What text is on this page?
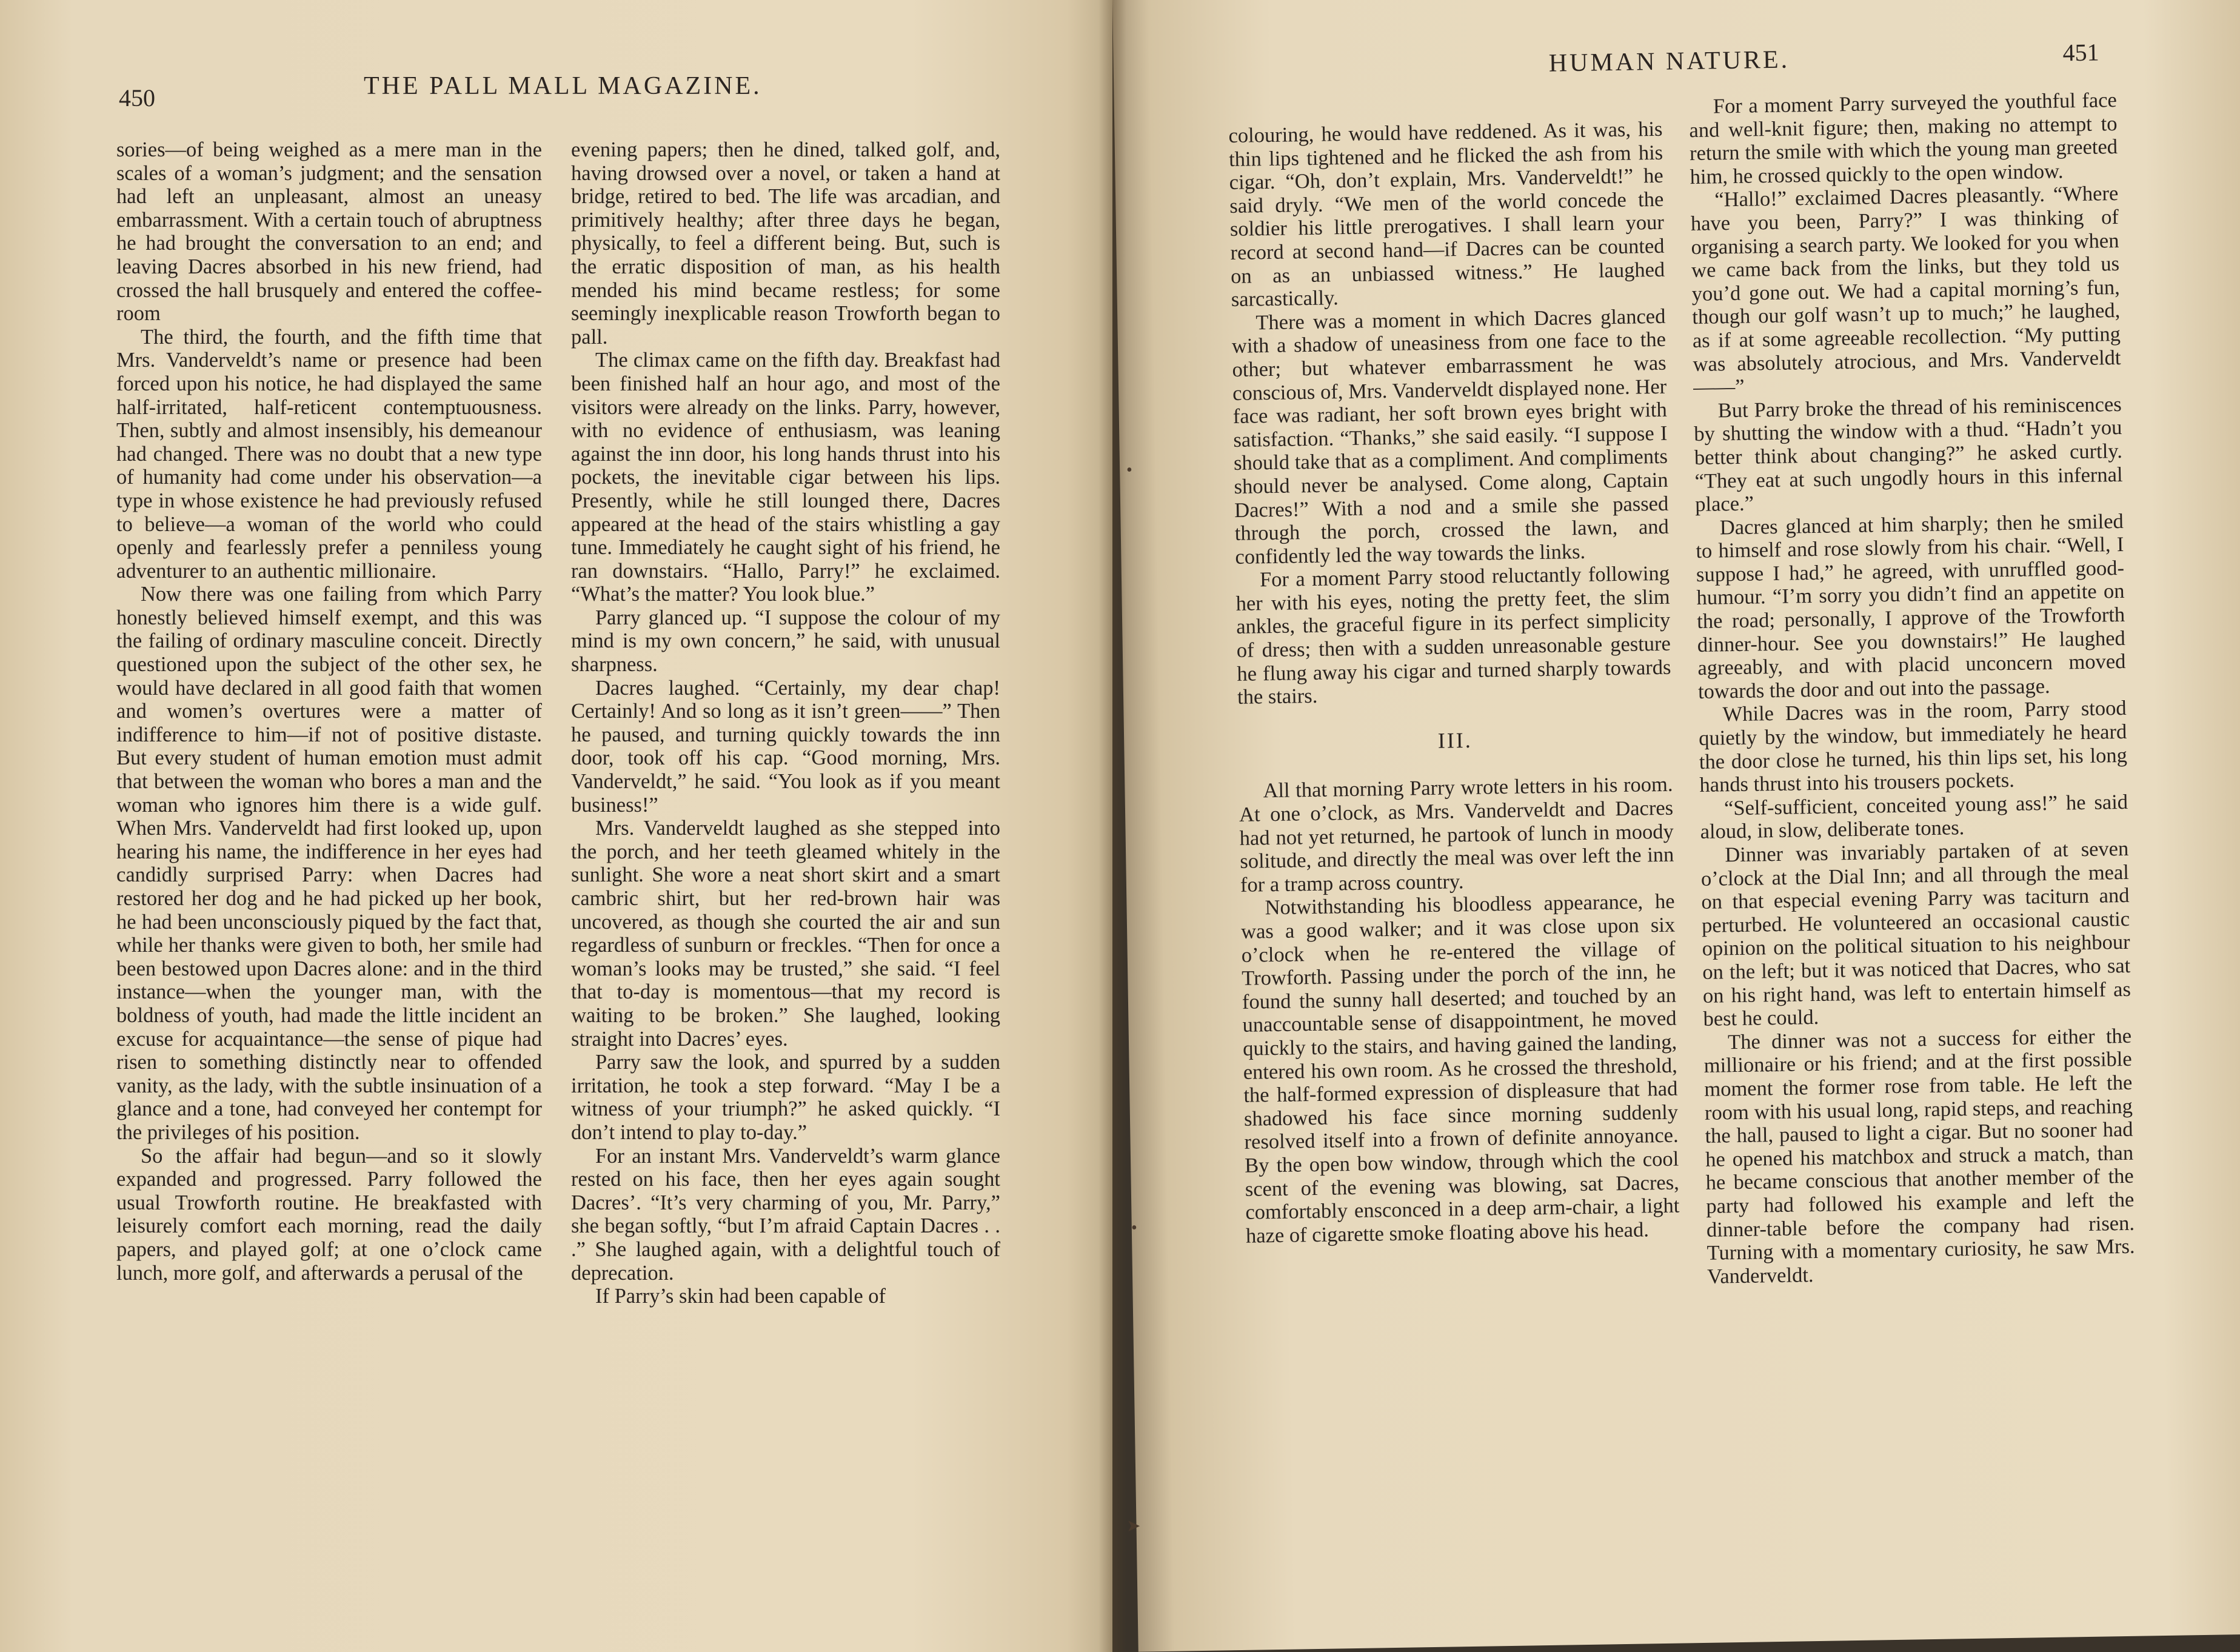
450	THE PALL MALL MAGAZINE.

sories—of being weighed as a mere man in the scales of a woman’s judgment; and the sensation had left an unpleasant, almost an uneasy embarrassment. With a certain touch of abruptness he had brought the conversation to an end; and leaving Dacres absorbed in his new friend, had crossed the hall brusquely and entered the coffee-room

The third, the fourth, and the fifth time that Mrs. Vanderveldt’s name or presence had been forced upon his notice, he had displayed the same half-irritated, half-reticent contemptuousness. Then, subtly and almost insensibly, his demeanour had changed. There was no doubt that a new type of humanity had come under his observation—a type in whose existence he had previously refused to believe—a woman of the world who could openly and fearlessly prefer a penniless young adventurer to an authentic millionaire.

Now there was one failing from which Parry honestly believed himself exempt, and this was the failing of ordinary masculine conceit. Directly questioned upon the subject of the other sex, he would have declared in all good faith that women and women’s overtures were a matter of indifference to him—if not of positive distaste. But every student of human emotion must admit that between the woman who bores a man and the woman who ignores him there is a wide gulf. When Mrs. Vanderveldt had first looked up, upon hearing his name, the indifference in her eyes had candidly surprised Parry: when Dacres had restored her dog and he had picked up her book, he had been unconsciously piqued by the fact that, while her thanks were given to both, her smile had been bestowed upon Dacres alone: and in the third instance—when the younger man, with the boldness of youth, had made the little incident an excuse for acquaintance—the sense of pique had risen to something distinctly near to offended vanity, as the lady, with the subtle insinuation of a glance and a tone, had conveyed her contempt for the privileges of his position.

So the affair had begun—and so it slowly expanded and progressed. Parry followed the usual Trowforth routine. He breakfasted with leisurely comfort each morning, read the daily papers, and played golf; at one o’clock came lunch, more golf, and afterwards a perusal of the

evening papers; then he dined, talked golf, and, having drowsed over a novel, or taken a hand at bridge, retired to bed. The life was arcadian, and primitively healthy; after three days he began, physically, to feel a different being. But, such is the erratic disposition of man, as his health mended his mind became restless; for some seemingly inexplicable reason Trowforth began to pall.

The climax came on the fifth day. Breakfast had been finished half an hour ago, and most of the visitors were already on the links. Parry, however, with no evidence of enthusiasm, was leaning against the inn door, his long hands thrust into his pockets, the inevitable cigar between his lips. Presently, while he still lounged there, Dacres appeared at the head of the stairs whistling a gay tune. Immediately he caught sight of his friend, he ran downstairs. “Hallo, Parry!” he exclaimed. “What’s the matter? You look blue.”

Parry glanced up. “I suppose the colour of my mind is my own concern,” he said, with unusual sharpness.

Dacres laughed. “Certainly, my dear chap! Certainly! And so long as it isn’t green——” Then he paused, and turning quickly towards the inn door, took off his cap. “Good morning, Mrs. Vanderveldt,” he said. “You look as if you meant business!”

Mrs. Vanderveldt laughed as she stepped into the porch, and her teeth gleamed whitely in the sunlight. She wore a neat short skirt and a smart cambric shirt, but her red-brown hair was uncovered, as though she courted the air and sun regardless of sunburn or freckles. “Then for once a woman’s looks may be trusted,” she said. “I feel that to-day is momentous—that my record is waiting to be broken.” She laughed, looking straight into Dacres’ eyes.

Parry saw the look, and spurred by a sudden irritation, he took a step forward. “May I be a witness of your triumph?” he asked quickly. “I don’t intend to play to-day.”

For an instant Mrs. Vanderveldt’s warm glance rested on his face, then her eyes again sought Dacres’. “It’s very charming of you, Mr. Parry,” she began softly, “but I’m afraid Captain Dacres . . .” She laughed again, with a delightful touch of deprecation.

If Parry’s skin had been capable of

HUMAN NATURE.	451

colouring, he would have reddened. As it was, his thin lips tightened and he flicked the ash from his cigar. “Oh, don’t explain, Mrs. Vanderveldt!” he said dryly. “We men of the world concede the soldier his little prerogatives. I shall learn your record at second hand—if Dacres can be counted on as an unbiassed witness.” He laughed sarcastically.

There was a moment in which Dacres glanced with a shadow of uneasiness from one face to the other; but whatever embarrassment he was conscious of, Mrs. Vanderveldt displayed none. Her face was radiant, her soft brown eyes bright with satisfaction. “Thanks,” she said easily. “I suppose I should take that as a compliment. And compliments should never be analysed. Come along, Captain Dacres!” With a nod and a smile she passed through the porch, crossed the lawn, and confidently led the way towards the links.

For a moment Parry stood reluctantly following her with his eyes, noting the pretty feet, the slim ankles, the graceful figure in its perfect simplicity of dress; then with a sudden unreasonable gesture he flung away his cigar and turned sharply towards the stairs.

III.

All that morning Parry wrote letters in his room. At one o’clock, as Mrs. Vanderveldt and Dacres had not yet returned, he partook of lunch in moody solitude, and directly the meal was over left the inn for a tramp across country.

Notwithstanding his bloodless appearance, he was a good walker; and it was close upon six o’clock when he re-entered the village of Trowforth. Passing under the porch of the inn, he found the sunny hall deserted; and touched by an unaccountable sense of disappointment, he moved quickly to the stairs, and having gained the landing, entered his own room. As he crossed the threshold, the half-formed expression of displeasure that had shadowed his face since morning suddenly resolved itself into a frown of definite annoyance. By the open bow window, through which the cool scent of the evening was blowing, sat Dacres, comfortably ensconced in a deep arm-chair, a light haze of cigarette smoke floating above his head.

For a moment Parry surveyed the youthful face and well-knit figure; then, making no attempt to return the smile with which the young man greeted him, he crossed quickly to the open window.

“Hallo!” exclaimed Dacres pleasantly. “Where have you been, Parry?” I was thinking of organising a search party. We looked for you when we came back from the links, but they told us you’d gone out. We had a capital morning’s fun, though our golf wasn’t up to much;” he laughed, as if at some agreeable recollection. “My putting was absolutely atrocious, and Mrs. Vanderveldt——”

But Parry broke the thread of his reminiscences by shutting the window with a thud. “Hadn’t you better think about changing?” he asked curtly. “They eat at such ungodly hours in this infernal place.”

Dacres glanced at him sharply; then he smiled to himself and rose slowly from his chair. “Well, I suppose I had,” he agreed, with unruffled good-humour. “I’m sorry you didn’t find an appetite on the road; personally, I approve of the Trowforth dinner-hour. See you downstairs!” He laughed agreeably, and with placid unconcern moved towards the door and out into the passage.

While Dacres was in the room, Parry stood quietly by the window, but immediately he heard the door close he turned, his thin lips set, his long hands thrust into his trousers pockets.

“Self-sufficient, conceited young ass!” he said aloud, in slow, deliberate tones.

Dinner was invariably partaken of at seven o’clock at the Dial Inn; and all through the meal on that especial evening Parry was taciturn and perturbed. He volunteered an occasional caustic opinion on the political situation to his neighbour on the left; but it was noticed that Dacres, who sat on his right hand, was left to entertain himself as best he could.

The dinner was not a success for either the millionaire or his friend; and at the first possible moment the former rose from table. He left the room with his usual long, rapid steps, and reaching the hall, paused to light a cigar. But no sooner had he opened his matchbox and struck a match, than he became conscious that another member of the party had followed his example and left the dinner-table before the company had risen. Turning with a momentary curiosity, he saw Mrs. Vanderveldt.

•
•
➤
